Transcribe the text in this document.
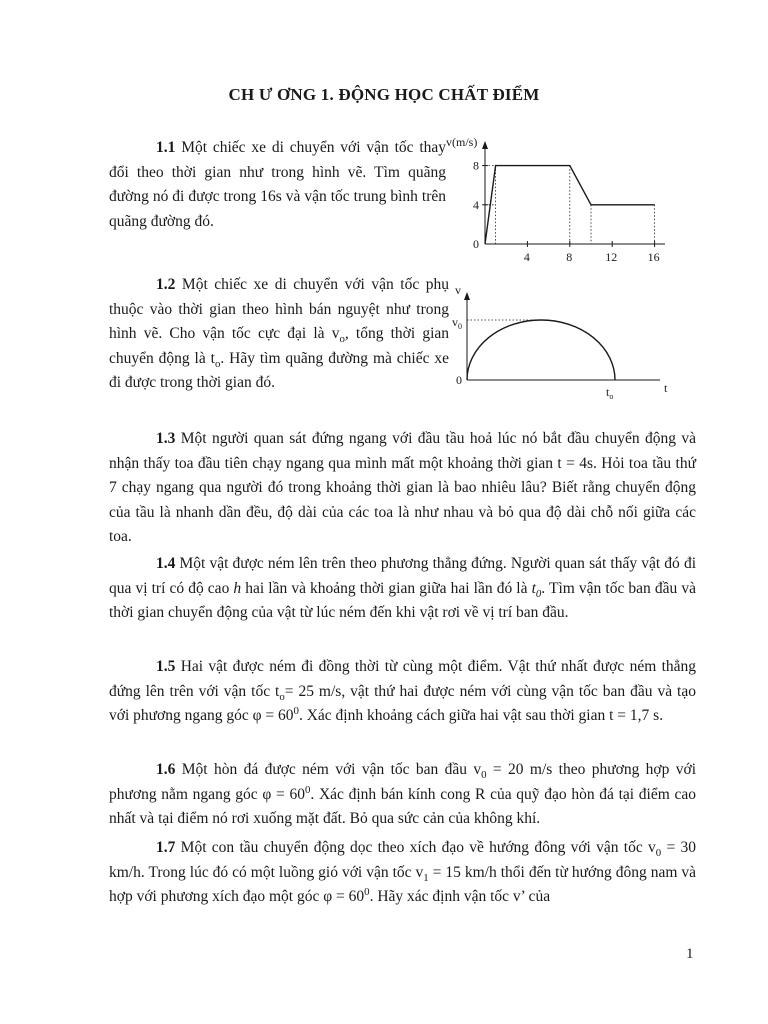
CH Ư ƠNG 1. ĐỘNG HỌC CHẤT ĐIỂM

1.1 Một chiếc xe di chuyển với vận tốc thay đổi theo thời gian như trong hình vẽ. Tìm quãng đường nó đi được trong 16s và vận tốc trung bình trên quãng đường đó.

1.2 Một chiếc xe di chuyển với vận tốc phụ thuộc vào thời gian theo hình bán nguyệt như trong hình vẽ. Cho vận tốc cực đại là $v_o$, tổng thời gian chuyển động là $t_o$. Hãy tìm quãng đường mà chiếc xe đi được trong thời gian đó.

1.3 Một người quan sát đứng ngang với đầu tầu hoả lúc nó bắt đầu chuyển động và nhận thấy toa đầu tiên chạy ngang qua mình mất một khoảng thời gian t = 4s. Hỏi toa tầu thứ 7 chạy ngang qua người đó trong khoảng thời gian là bao nhiêu lâu? Biết rằng chuyển động của tầu là nhanh dần đều, độ dài của các toa là như nhau và bỏ qua độ dài chỗ nối giữa các toa.

1.4 Một vật được ném lên trên theo phương thẳng đứng. Người quan sát thấy vật đó đi qua vị trí có độ cao h hai lần và khoảng thời gian giữa hai lần đó là $t_0$. Tìm vận tốc ban đầu và thời gian chuyển động của vật từ lúc ném đến khi vật rơi về vị trí ban đầu.

1.5 Hai vật được ném đi đồng thời từ cùng một điểm. Vật thứ nhất được ném thẳng đứng lên trên với vận tốc $t_o= 25$ m/s, vật thứ hai được ném với cùng vận tốc ban đầu và tạo với phương ngang góc $\varphi = 60^0$. Xác định khoảng cách giữa hai vật sau thời gian t = 1,7 s.

1.6 Một hòn đá được ném với vận tốc ban đầu $v_0 = 20$ m/s theo phương hợp với phương nằm ngang góc $\varphi = 60^0$. Xác định bán kính cong R của quỹ đạo hòn đá tại điểm cao nhất và tại điểm nó rơi xuống mặt đất. Bỏ qua sức cản của không khí.

1.7 Một con tầu chuyển động dọc theo xích đạo về hướng đông với vận tốc $v_0 = 30$ km/h. Trong lúc đó có một luồng gió với vận tốc $v_1 = 15$ km/h thổi đến từ hướng đông nam và hợp với phương xích đạo một góc $\varphi = 60^0$. Hãy xác định vận tốc v’ của

v(m/s)
0
4
8
4	8	12	16
v
$v_0$
0
$t_o$
t
1
